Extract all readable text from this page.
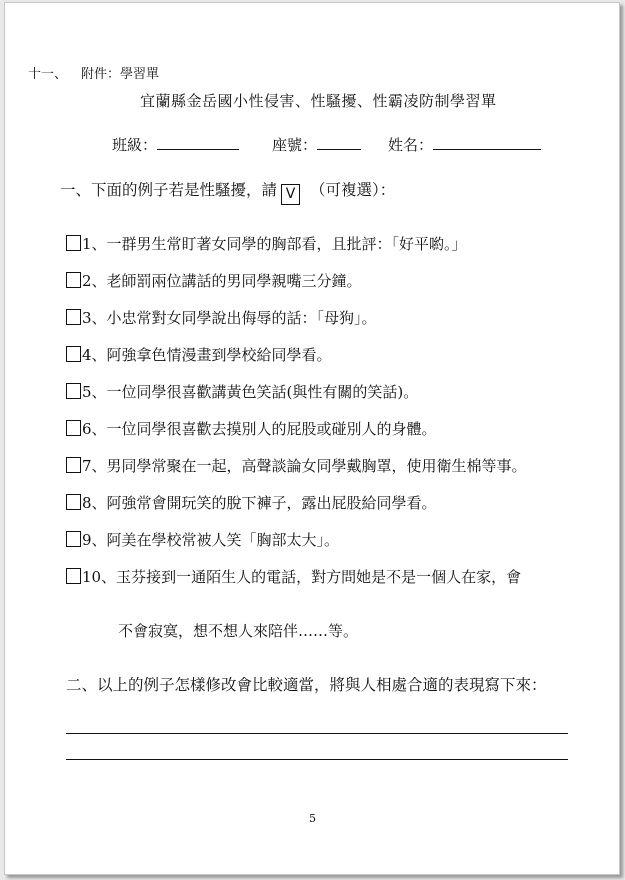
十一、 附件：學習單
宜蘭縣金岳國小性侵害、性騷擾、性霸凌防制學習單
班級：	座號：	姓名：
一、下面的例子若是性騷擾，請 V （可複選）：
1、一群男生常盯著女同學的胸部看，且批評：「好平喲。」
2、老師罰兩位講話的男同學親嘴三分鐘。
3、小忠常對女同學說出侮辱的話：「母狗」。
4、阿強拿色情漫畫到學校給同學看。
5、一位同學很喜歡講黃色笑話(與性有關的笑話)。
6、一位同學很喜歡去摸別人的屁股或碰別人的身體。
7、男同學常聚在一起，高聲談論女同學戴胸罩，使用衛生棉等事。
8、阿強常會開玩笑的脫下褲子，露出屁股給同學看。
9、阿美在學校常被人笑「胸部太大」。
10、玉芬接到一通陌生人的電話，對方問她是不是一個人在家，會
不會寂寞，想不想人來陪伴……等。
二、以上的例子怎樣修改會比較適當，將與人相處合適的表現寫下來：
5
